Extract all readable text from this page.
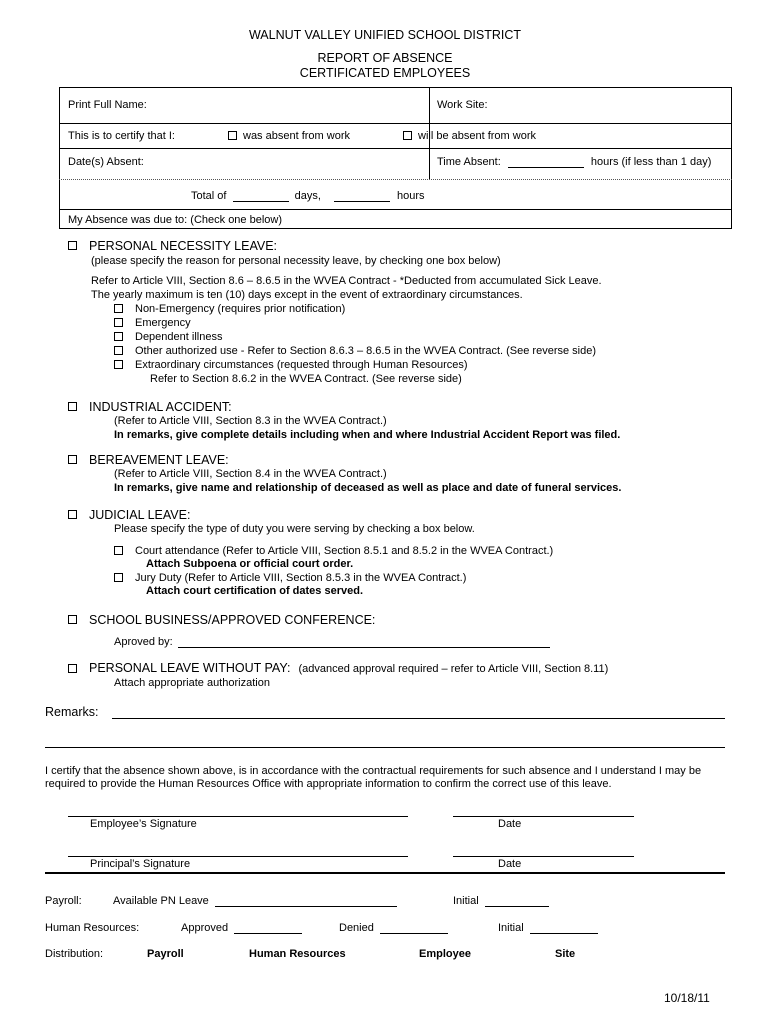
WALNUT VALLEY UNIFIED SCHOOL DISTRICT
REPORT OF ABSENCE
CERTIFICATED EMPLOYEES
Print Full Name:	Work Site:
This is to certify that I:	was absent from work	will be absent from work
Date(s) Absent:	Time Absent:	hours (if less than 1 day)
Total of	days,	hours
My Absence was due to: (Check one below)
PERSONAL NECESSITY LEAVE:
(please specify the reason for personal necessity leave, by checking one box below)
Refer to Article VIII, Section 8.6 – 8.6.5 in the WVEA Contract - *Deducted from accumulated Sick Leave.
The yearly maximum is ten (10) days except in the event of extraordinary circumstances.
Non-Emergency (requires prior notification)
Emergency
Dependent illness
Other authorized use - Refer to Section 8.6.3 – 8.6.5 in the WVEA Contract. (See reverse side)
Extraordinary circumstances (requested through Human Resources)
Refer to Section 8.6.2 in the WVEA Contract. (See reverse side)
INDUSTRIAL ACCIDENT:
(Refer to Article VIII, Section 8.3 in the WVEA Contract.)
In remarks, give complete details including when and where Industrial Accident Report was filed.
BEREAVEMENT LEAVE:
(Refer to Article VIII, Section 8.4 in the WVEA Contract.)
In remarks, give name and relationship of deceased as well as place and date of funeral services.
JUDICIAL LEAVE:
Please specify the type of duty you were serving by checking a box below.
Court attendance (Refer to Article VIII, Section 8.5.1 and 8.5.2 in the WVEA Contract.)
Attach Subpoena or official court order.
Jury Duty (Refer to Article VIII, Section 8.5.3 in the WVEA Contract.)
Attach court certification of dates served.
SCHOOL BUSINESS/APPROVED CONFERENCE:
Aproved by:
PERSONAL LEAVE WITHOUT PAY: (advanced approval required – refer to Article VIII, Section 8.11)
Attach appropriate authorization
Remarks:
I certify that the absence shown above, is in accordance with the contractual requirements for such absence and I understand I may be
required to provide the Human Resources Office with appropriate information to confirm the correct use of this leave.
Employee’s Signature	Date
Principal’s Signature	Date
Payroll:	Available PN Leave	Initial
Human Resources:	Approved	Denied	Initial
Distribution:	Payroll	Human Resources	Employee	Site
10/18/11
